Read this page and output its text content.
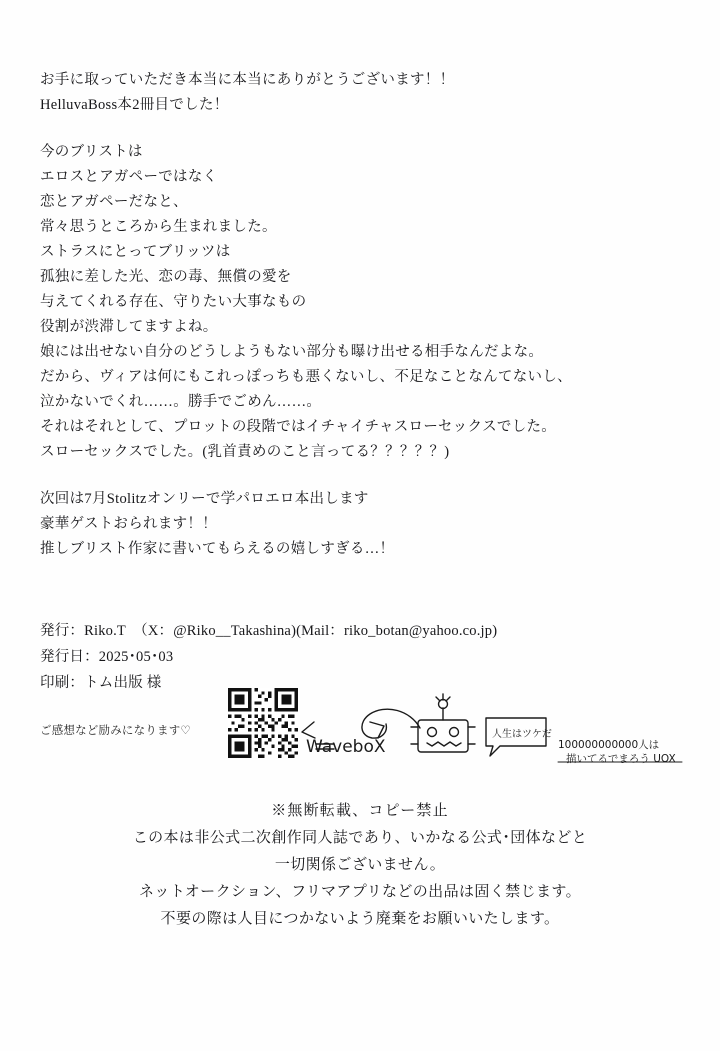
お手に取っていただき本当に本当にありがとうございます！！
HelluvaBoss本2冊目でした！
今のブリストは
エロスとアガペーではなく
恋とアガペーだなと、
常々思うところから生まれました。
ストラスにとってブリッツは
孤独に差した光、恋の毒、無償の愛を
与えてくれる存在、守りたい大事なもの
役割が渋滞してますよね。
娘には出せない自分のどうしようもない部分も曝け出せる相手なんだよな。
だから、ヴィアは何にもこれっぽっちも悪くないし、不足なことなんてないし、
泣かないでくれ……。勝手でごめん……。
それはそれとして、プロットの段階ではイチャイチャスローセックスでした。
スローセックスでした。(乳首責めのこと言ってる？？？？？)
次回は7月Stolitzオンリーで学パロエロ本出します
豪華ゲストおられます！！
推しブリスト作家に書いてもらえるの嬉しすぎる…！
発行：Riko.T　（X：@Riko__Takashina)(Mail：riko_botan@yahoo.co.jp)
発行日：2025･05･03
印刷：トム出版 様
ご感想など励みになります♡
WaveboX
人生はツケだ
100000000000人は
描いてるでまろう UOX
※無断転載、コピー禁止
この本は非公式二次創作同人誌であり、いかなる公式･団体などと
一切関係ございません。
ネットオークション、フリマアプリなどの出品は固く禁じます。
不要の際は人目につかないよう廃棄をお願いいたします。
